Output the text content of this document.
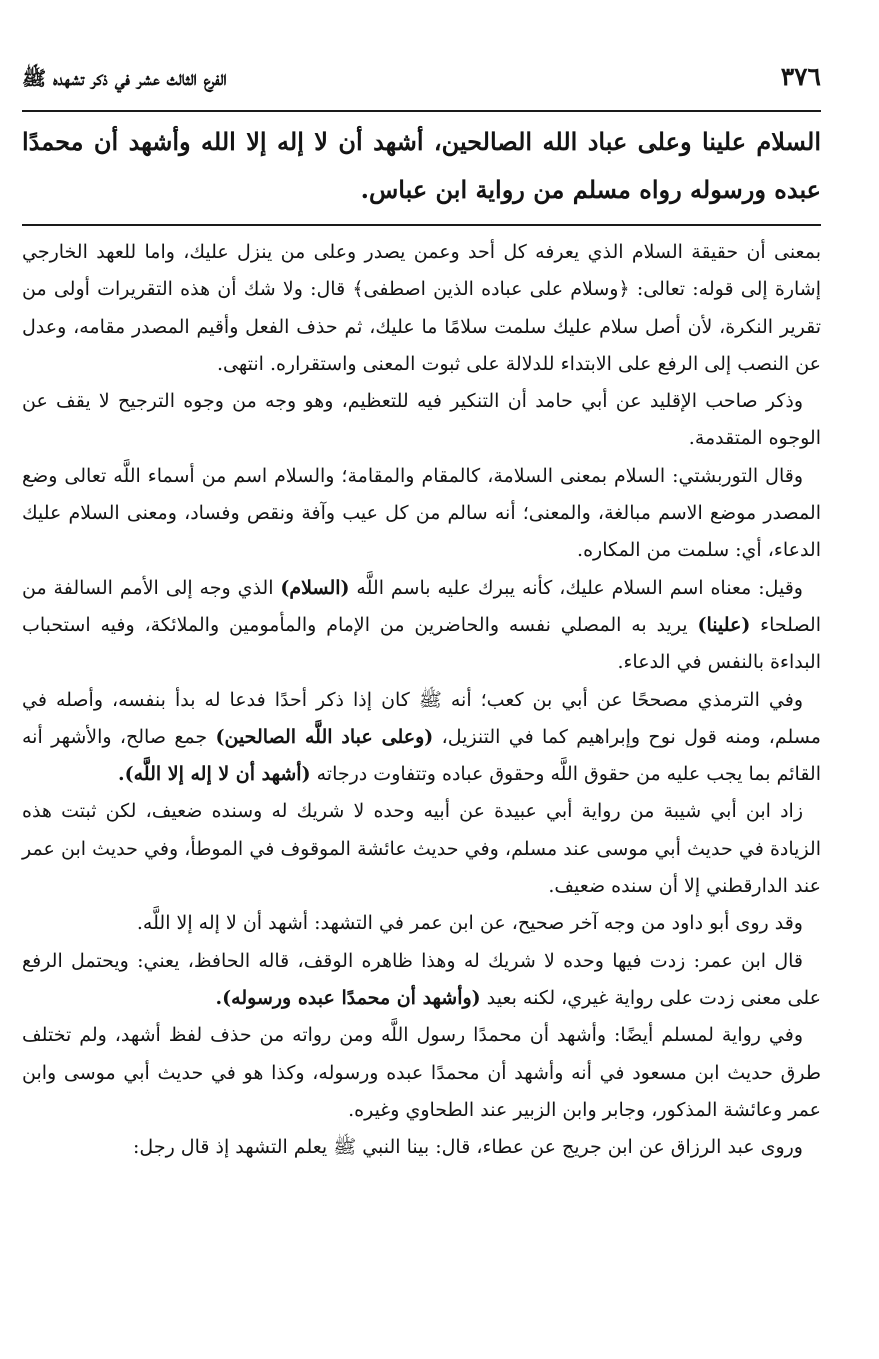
٣٧٦
الفرع الثالث عشر في ذكر تشهده ﷺ

السلام علينا وعلى عباد الله الصالحين، أشهد أن لا إله إلا الله وأشهد أن محمدًا عبده ورسوله رواه مسلم من رواية ابن عباس.

بمعنى أن حقيقة السلام الذي يعرفه كل أحد وعمن يصدر وعلى من ينزل عليك، واما للعهد الخارجي إشارة إلى قوله: تعالى: ﴿وسلام على عباده الذين اصطفى﴾ قال: ولا شك أن هذه التقريرات أولى من تقرير النكرة، لأن أصل سلام عليك سلمت سلامًا ما عليك، ثم حذف الفعل وأقيم المصدر مقامه، وعدل عن النصب إلى الرفع على الابتداء للدلالة على ثبوت المعنى واستقراره. انتهى.

وذكر صاحب الإقليد عن أبي حامد أن التنكير فيه للتعظيم، وهو وجه من وجوه الترجيح لا يقف عن الوجوه المتقدمة.

وقال التوربشتي: السلام بمعنى السلامة، كالمقام والمقامة؛ والسلام اسم من أسماء اللَّه تعالى وضع المصدر موضع الاسم مبالغة، والمعنى؛ أنه سالم من كل عيب وآفة ونقص وفساد، ومعنى السلام عليك الدعاء، أي: سلمت من المكاره.

وقيل: معناه اسم السلام عليك، كأنه يبرك عليه باسم اللَّه (السلام) الذي وجه إلى الأمم السالفة من الصلحاء (علينا) يريد به المصلي نفسه والحاضرين من الإمام والمأمومين والملائكة، وفيه استحباب البداءة بالنفس في الدعاء.

وفي الترمذي مصححًا عن أبي بن كعب؛ أنه ﷺ كان إذا ذكر أحدًا فدعا له بدأ بنفسه، وأصله في مسلم، ومنه قول نوح وإبراهيم كما في التنزيل، (وعلى عباد اللَّه الصالحين) جمع صالح، والأشهر أنه القائم بما يجب عليه من حقوق اللَّه وحقوق عباده وتتفاوت درجاته (أشهد أن لا إله إلا اللَّه).

زاد ابن أبي شيبة من رواية أبي عبيدة عن أبيه وحده لا شريك له وسنده ضعيف، لكن ثبتت هذه الزيادة في حديث أبي موسى عند مسلم، وفي حديث عائشة الموقوف في الموطأ، وفي حديث ابن عمر عند الدارقطني إلا أن سنده ضعيف.

وقد روى أبو داود من وجه آخر صحيح، عن ابن عمر في التشهد: أشهد أن لا إله إلا اللَّه.

قال ابن عمر: زدت فيها وحده لا شريك له وهذا ظاهره الوقف، قاله الحافظ، يعني: ويحتمل الرفع على معنى زدت على رواية غيري، لكنه بعيد (وأشهد أن محمدًا عبده ورسوله).

وفي رواية لمسلم أيضًا: وأشهد أن محمدًا رسول اللَّه ومن رواته من حذف لفظ أشهد، ولم تختلف طرق حديث ابن مسعود في أنه وأشهد أن محمدًا عبده ورسوله، وكذا هو في حديث أبي موسى وابن عمر وعائشة المذكور، وجابر وابن الزبير عند الطحاوي وغيره.

وروى عبد الرزاق عن ابن جريج عن عطاء، قال: بينا النبي ﷺ يعلم التشهد إذ قال رجل:
